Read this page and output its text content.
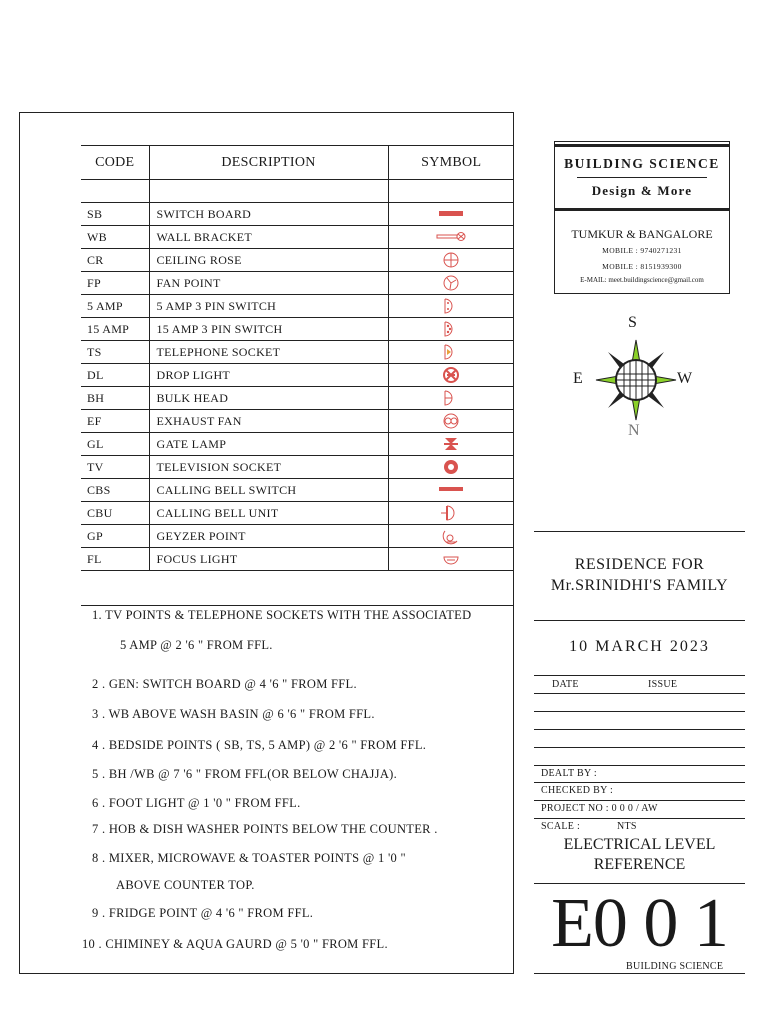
CODE	DESCRIPTION	SYMBOL

SB	SWITCH BOARD	
WB	WALL BRACKET	
CR	CEILING ROSE	
FP	FAN POINT	
5 AMP	5 AMP 3 PIN SWITCH	
15 AMP	15 AMP 3 PIN SWITCH	
TS	TELEPHONE SOCKET	
DL	DROP LIGHT	
BH	BULK HEAD	
EF	EXHAUST FAN	
GL	GATE LAMP	
TV	TELEVISION SOCKET	
CBS	CALLING BELL SWITCH	
CBU	CALLING BELL UNIT	
GP	GEYZER POINT	
FL	FOCUS LIGHT	

1. TV POINTS & TELEPHONE SOCKETS WITH THE ASSOCIATED
5 AMP @ 2 '6 " FROM FFL.
2 . GEN: SWITCH BOARD @ 4 '6 " FROM FFL.
3 . WB ABOVE WASH BASIN @ 6 '6 " FROM FFL.
4 . BEDSIDE POINTS ( SB, TS, 5 AMP) @ 2 '6 " FROM FFL.
5 . BH /WB @ 7 '6 " FROM FFL(OR BELOW CHAJJA).
6 . FOOT LIGHT @ 1 '0 " FROM FFL.
7 . HOB & DISH WASHER POINTS BELOW THE COUNTER .
8 . MIXER, MICROWAVE & TOASTER POINTS @ 1 '0 "
ABOVE COUNTER TOP.
9 . FRIDGE POINT @ 4 '6 " FROM FFL.
10 . CHIMINEY & AQUA GAURD @ 5 '0 " FROM FFL.
BUILDING SCIENCE
Design & More
TUMKUR & BANGALORE
MOBILE : 9740271231
MOBILE : 8151939300
E-MAIL: meet.buildingscience@gmail.com
S
E	W
N
RESIDENCE FOR
Mr.SRINIDHI'S FAMILY
10 MARCH 2023
DATE	ISSUE
DEALT BY :
CHECKED BY :
PROJECT NO : 0 0 0 / AW
SCALE :	NTS
ELECTRICAL LEVEL
REFERENCE
E0 0 1
BUILDING SCIENCE
